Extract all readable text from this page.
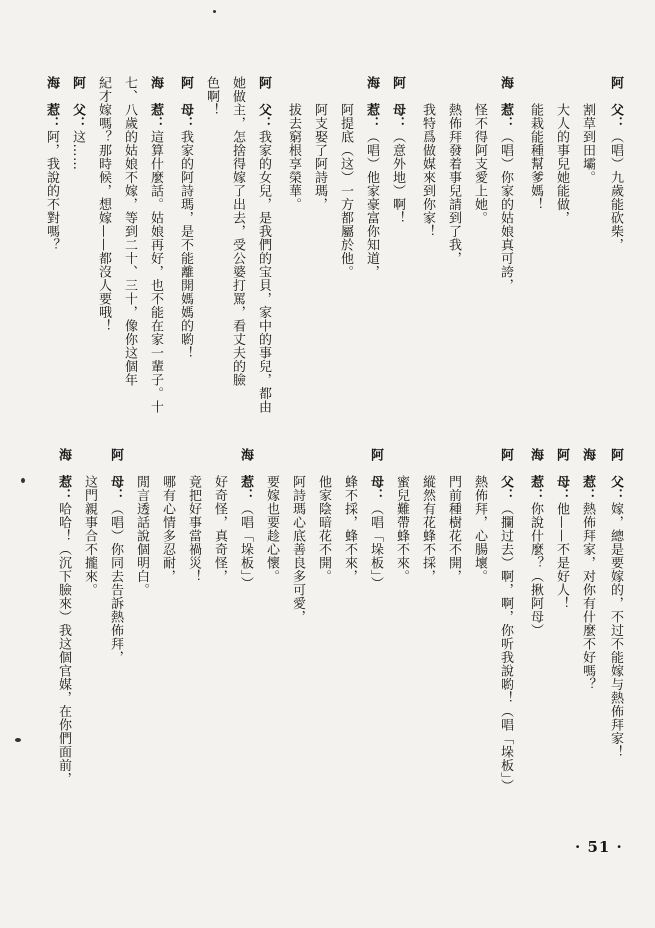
阿　父：（唱）九歲能砍柴，
　　割草到田壩。
　　大人的事兒她能做，
　　能栽能種幫爹媽！
海　惹：（唱）你家的姑娘真可誇，
　　怪不得阿支愛上她。
　　熱佈拜發着事兒請到了我，
　　我特爲做媒來到你家！
阿　母：（意外地）啊！
海　惹：（唱）他家豪富你知道，
　　阿提底（这）一方都屬於他。
　　阿支娶了阿詩瑪，
　　拔去窮根享榮華。
阿　父：我家的女兒，是我們的宝貝，家中的事兒，都由
她做主，怎捨得嫁了出去，受公婆打罵，看丈夫的臉
色啊！
阿　母：我家的阿詩瑪，是不能離開媽媽的喲！
海　惹：這算什麼話。姑娘再好，也不能在家一輩子。十
七、八歲的姑娘不嫁，等到二十、三十，像你这個年
紀才嫁嗎？那時候，想嫁——都沒人要哦！
阿　父：这……
海　惹：阿，我說的不對嗎？
阿　父：嫁，總是要嫁的，不过不能嫁与熱佈拜家！
海　惹：熱佈拜家，对你有什麼不好嗎？
阿　母：他——不是好人！
海　惹：你說什麼？（揪阿母）
阿　父：（攔过去）啊，啊，你听我說喲！（唱「垛板」）
　　熱佈拜，心腸壞。
　　門前種樹花不開，
　　縱然有花蜂不採，
　　蜜兒難帶蜂不來。
阿　母：（唱「垛板」）
　　蜂不採，蜂不來，
　　他家陰暗花不開。
　　阿詩瑪心底善良多可愛，
　　要嫁也要趁心懷。
海　惹：（唱「垛板」）
　　好奇怪，真奇怪，
　　竟把好事當禍災！
　　哪有心情多忍耐，
　　閒言透話說個明白。
阿　母：（唱）你同去告訴熱佈拜，
　　这門親事合不攏來。
海　惹：哈哈！（沉下臉來）我这個官媒，在你們面前，
· 51 ·
